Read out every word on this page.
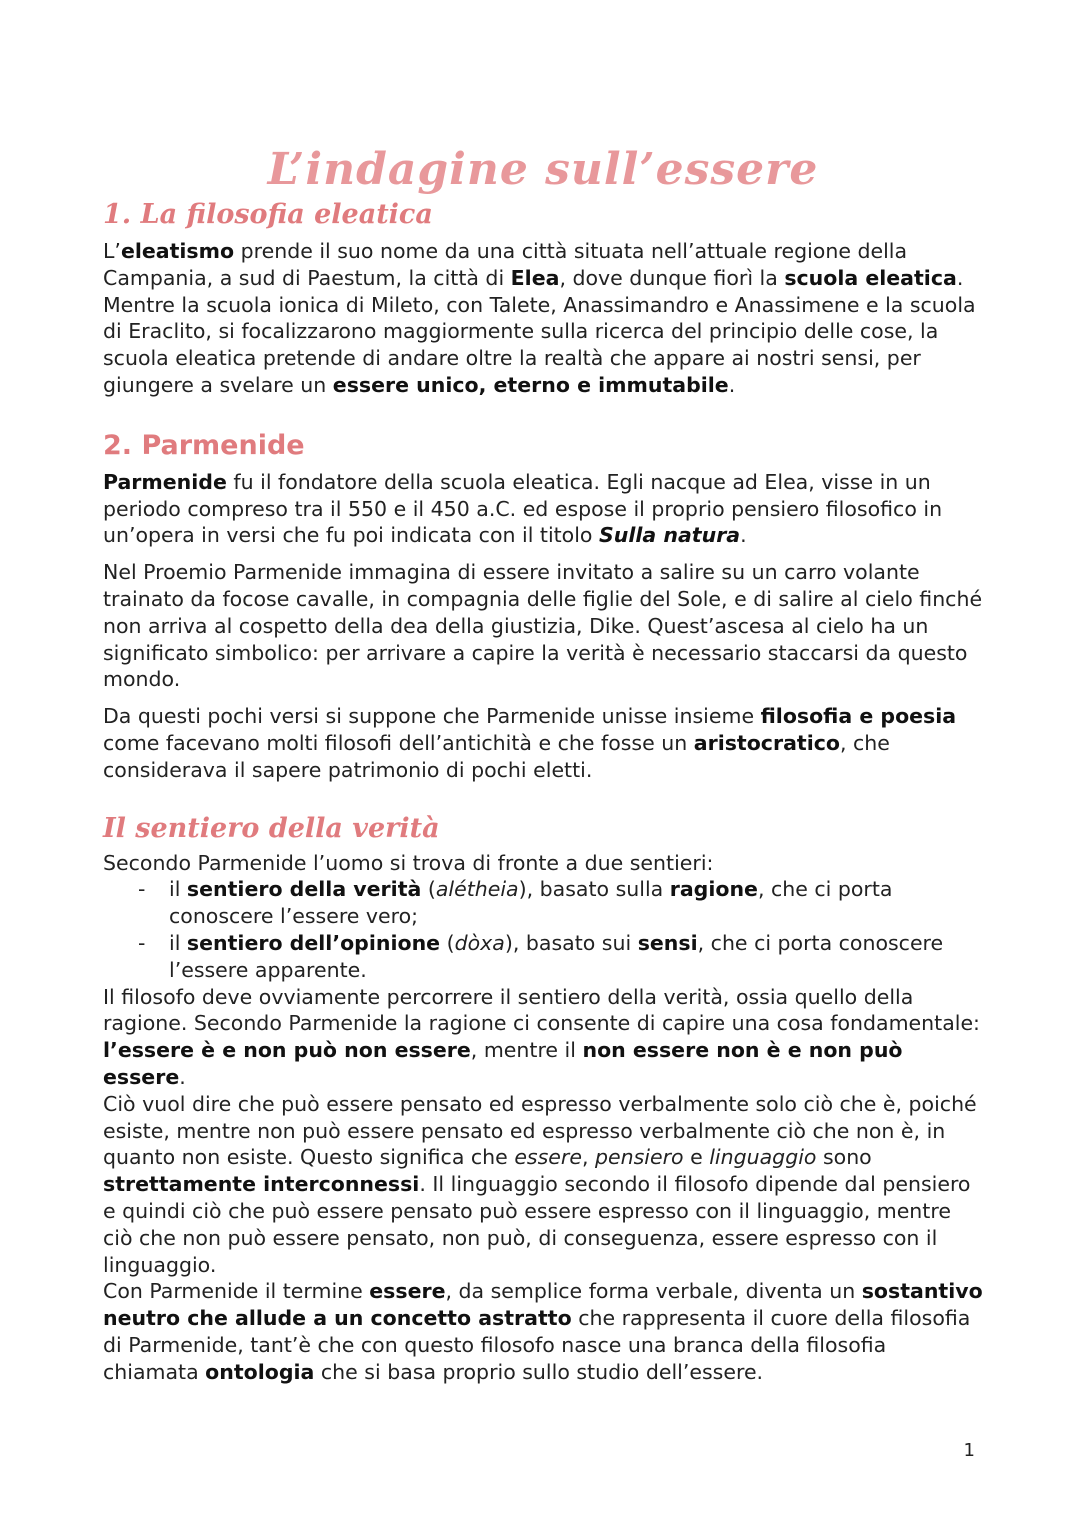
L’indagine sull’essere
1. La filosofia eleatica

L’eleatismo prende il suo nome da una città situata nell’attuale regione della Campania, a sud di Paestum, la città di Elea, dove dunque fiorì la scuola eleatica. Mentre la scuola ionica di Mileto, con Talete, Anassimandro e Anassimene e la scuola di Eraclito, si focalizzarono maggiormente sulla ricerca del principio delle cose, la scuola eleatica pretende di andare oltre la realtà che appare ai nostri sensi, per giungere a svelare un essere unico, eterno e immutabile.

2. Parmenide

Parmenide fu il fondatore della scuola eleatica. Egli nacque ad Elea, visse in un periodo compreso tra il 550 e il 450 a.C. ed espose il proprio pensiero filosofico in un’opera in versi che fu poi indicata con il titolo Sulla natura.

Nel Proemio Parmenide immagina di essere invitato a salire su un carro volante trainato da focose cavalle, in compagnia delle figlie del Sole, e di salire al cielo finché non arriva al cospetto della dea della giustizia, Dike. Quest’ascesa al cielo ha un significato simbolico: per arrivare a capire la verità è necessario staccarsi da questo mondo.

Da questi pochi versi si suppone che Parmenide unisse insieme filosofia e poesia come facevano molti filosofi dell’antichità e che fosse un aristocratico, che considerava il sapere patrimonio di pochi eletti.

Il sentiero della verità

Secondo Parmenide l’uomo si trova di fronte a due sentieri:

- il sentiero della verità (alétheia), basato sulla ragione, che ci porta conoscere l’essere vero;
- il sentiero dell’opinione (dòxa), basato sui sensi, che ci porta conoscere l’essere apparente.

Il filosofo deve ovviamente percorrere il sentiero della verità, ossia quello della ragione. Secondo Parmenide la ragione ci consente di capire una cosa fondamentale: l’essere è e non può non essere, mentre il non essere non è e non può essere.

Ciò vuol dire che può essere pensato ed espresso verbalmente solo ciò che è, poiché esiste, mentre non può essere pensato ed espresso verbalmente ciò che non è, in quanto non esiste. Questo significa che essere, pensiero e linguaggio sono strettamente interconnessi. Il linguaggio secondo il filosofo dipende dal pensiero e quindi ciò che può essere pensato può essere espresso con il linguaggio, mentre ciò che non può essere pensato, non può, di conseguenza, essere espresso con il linguaggio.

Con Parmenide il termine essere, da semplice forma verbale, diventa un sostantivo neutro che allude a un concetto astratto che rappresenta il cuore della filosofia di Parmenide, tant’è che con questo filosofo nasce una branca della filosofia chiamata ontologia che si basa proprio sullo studio dell’essere.

1
